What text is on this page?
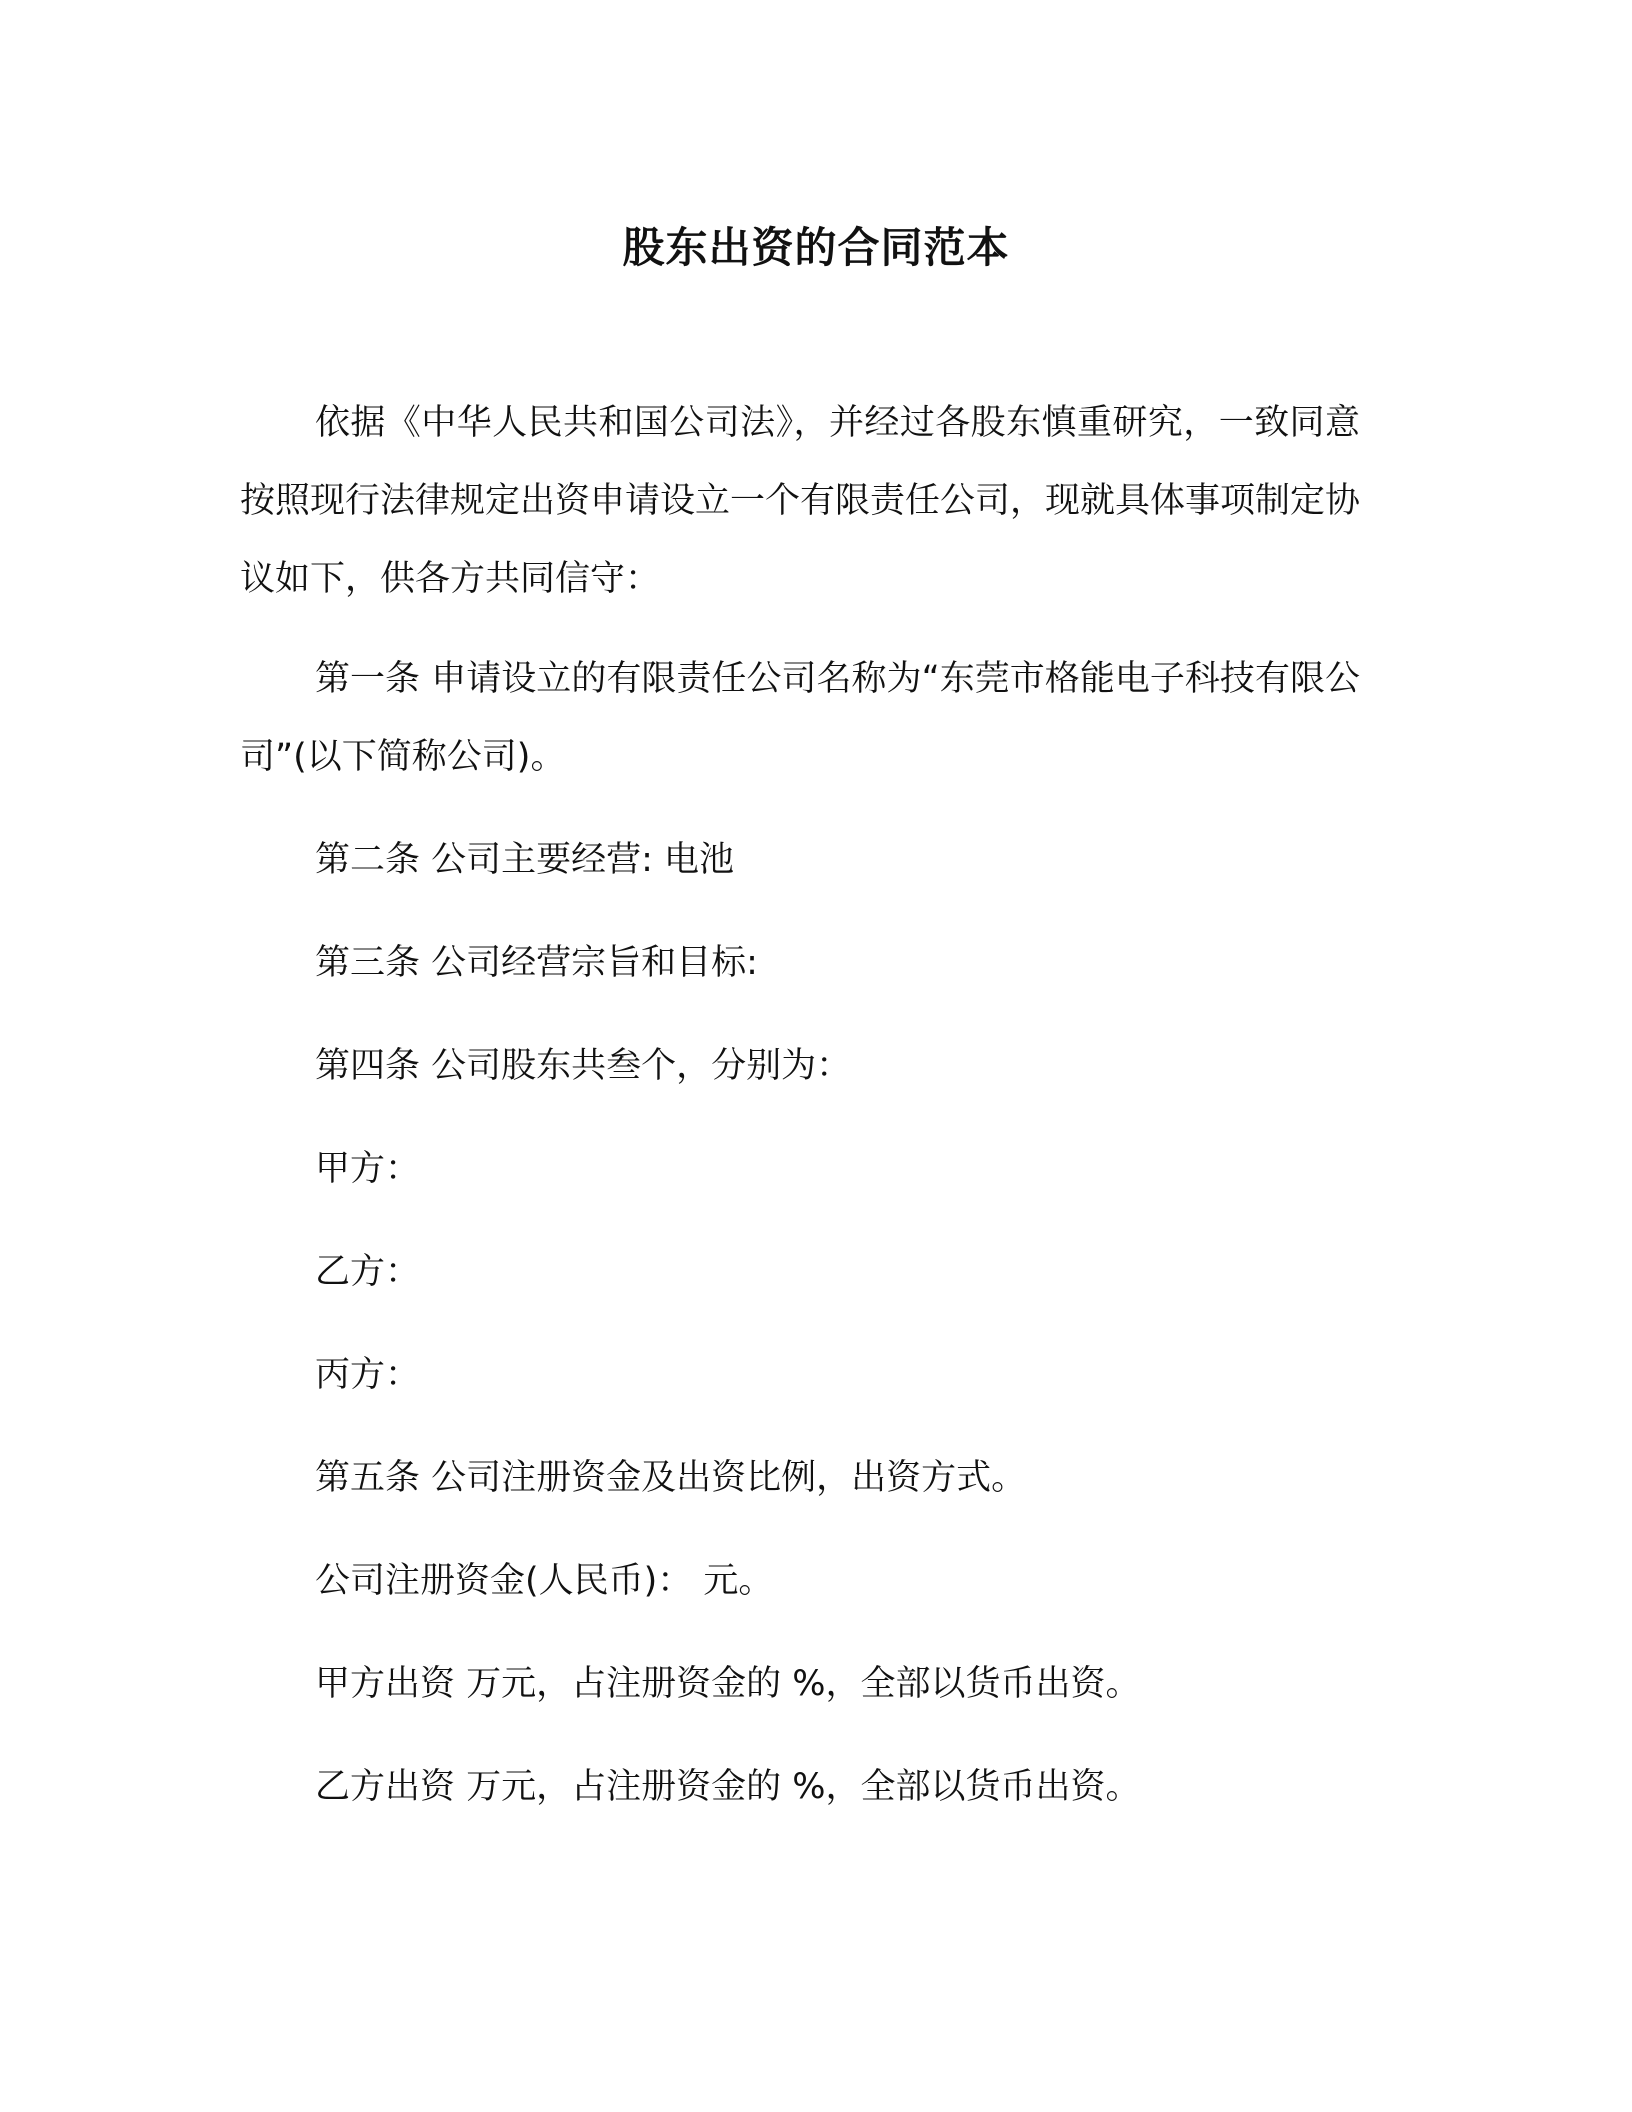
股东出资的合同范本
依据《中华人民共和国公司法》，并经过各股东慎重研究，一致同意按照现行法律规定出资申请设立一个有限责任公司，现就具体事项制定协议如下，供各方共同信守：
第一条 申请设立的有限责任公司名称为“东莞市格能电子科技有限公司”(以下简称公司)。
第二条 公司主要经营: 电池
第三条 公司经营宗旨和目标:
第四条 公司股东共叁个，分别为：
甲方：
乙方：
丙方：
第五条 公司注册资金及出资比例，出资方式。
公司注册资金(人民币)： 元。
甲方出资 万元，占注册资金的 %，全部以货币出资。
乙方出资 万元，占注册资金的 %，全部以货币出资。
